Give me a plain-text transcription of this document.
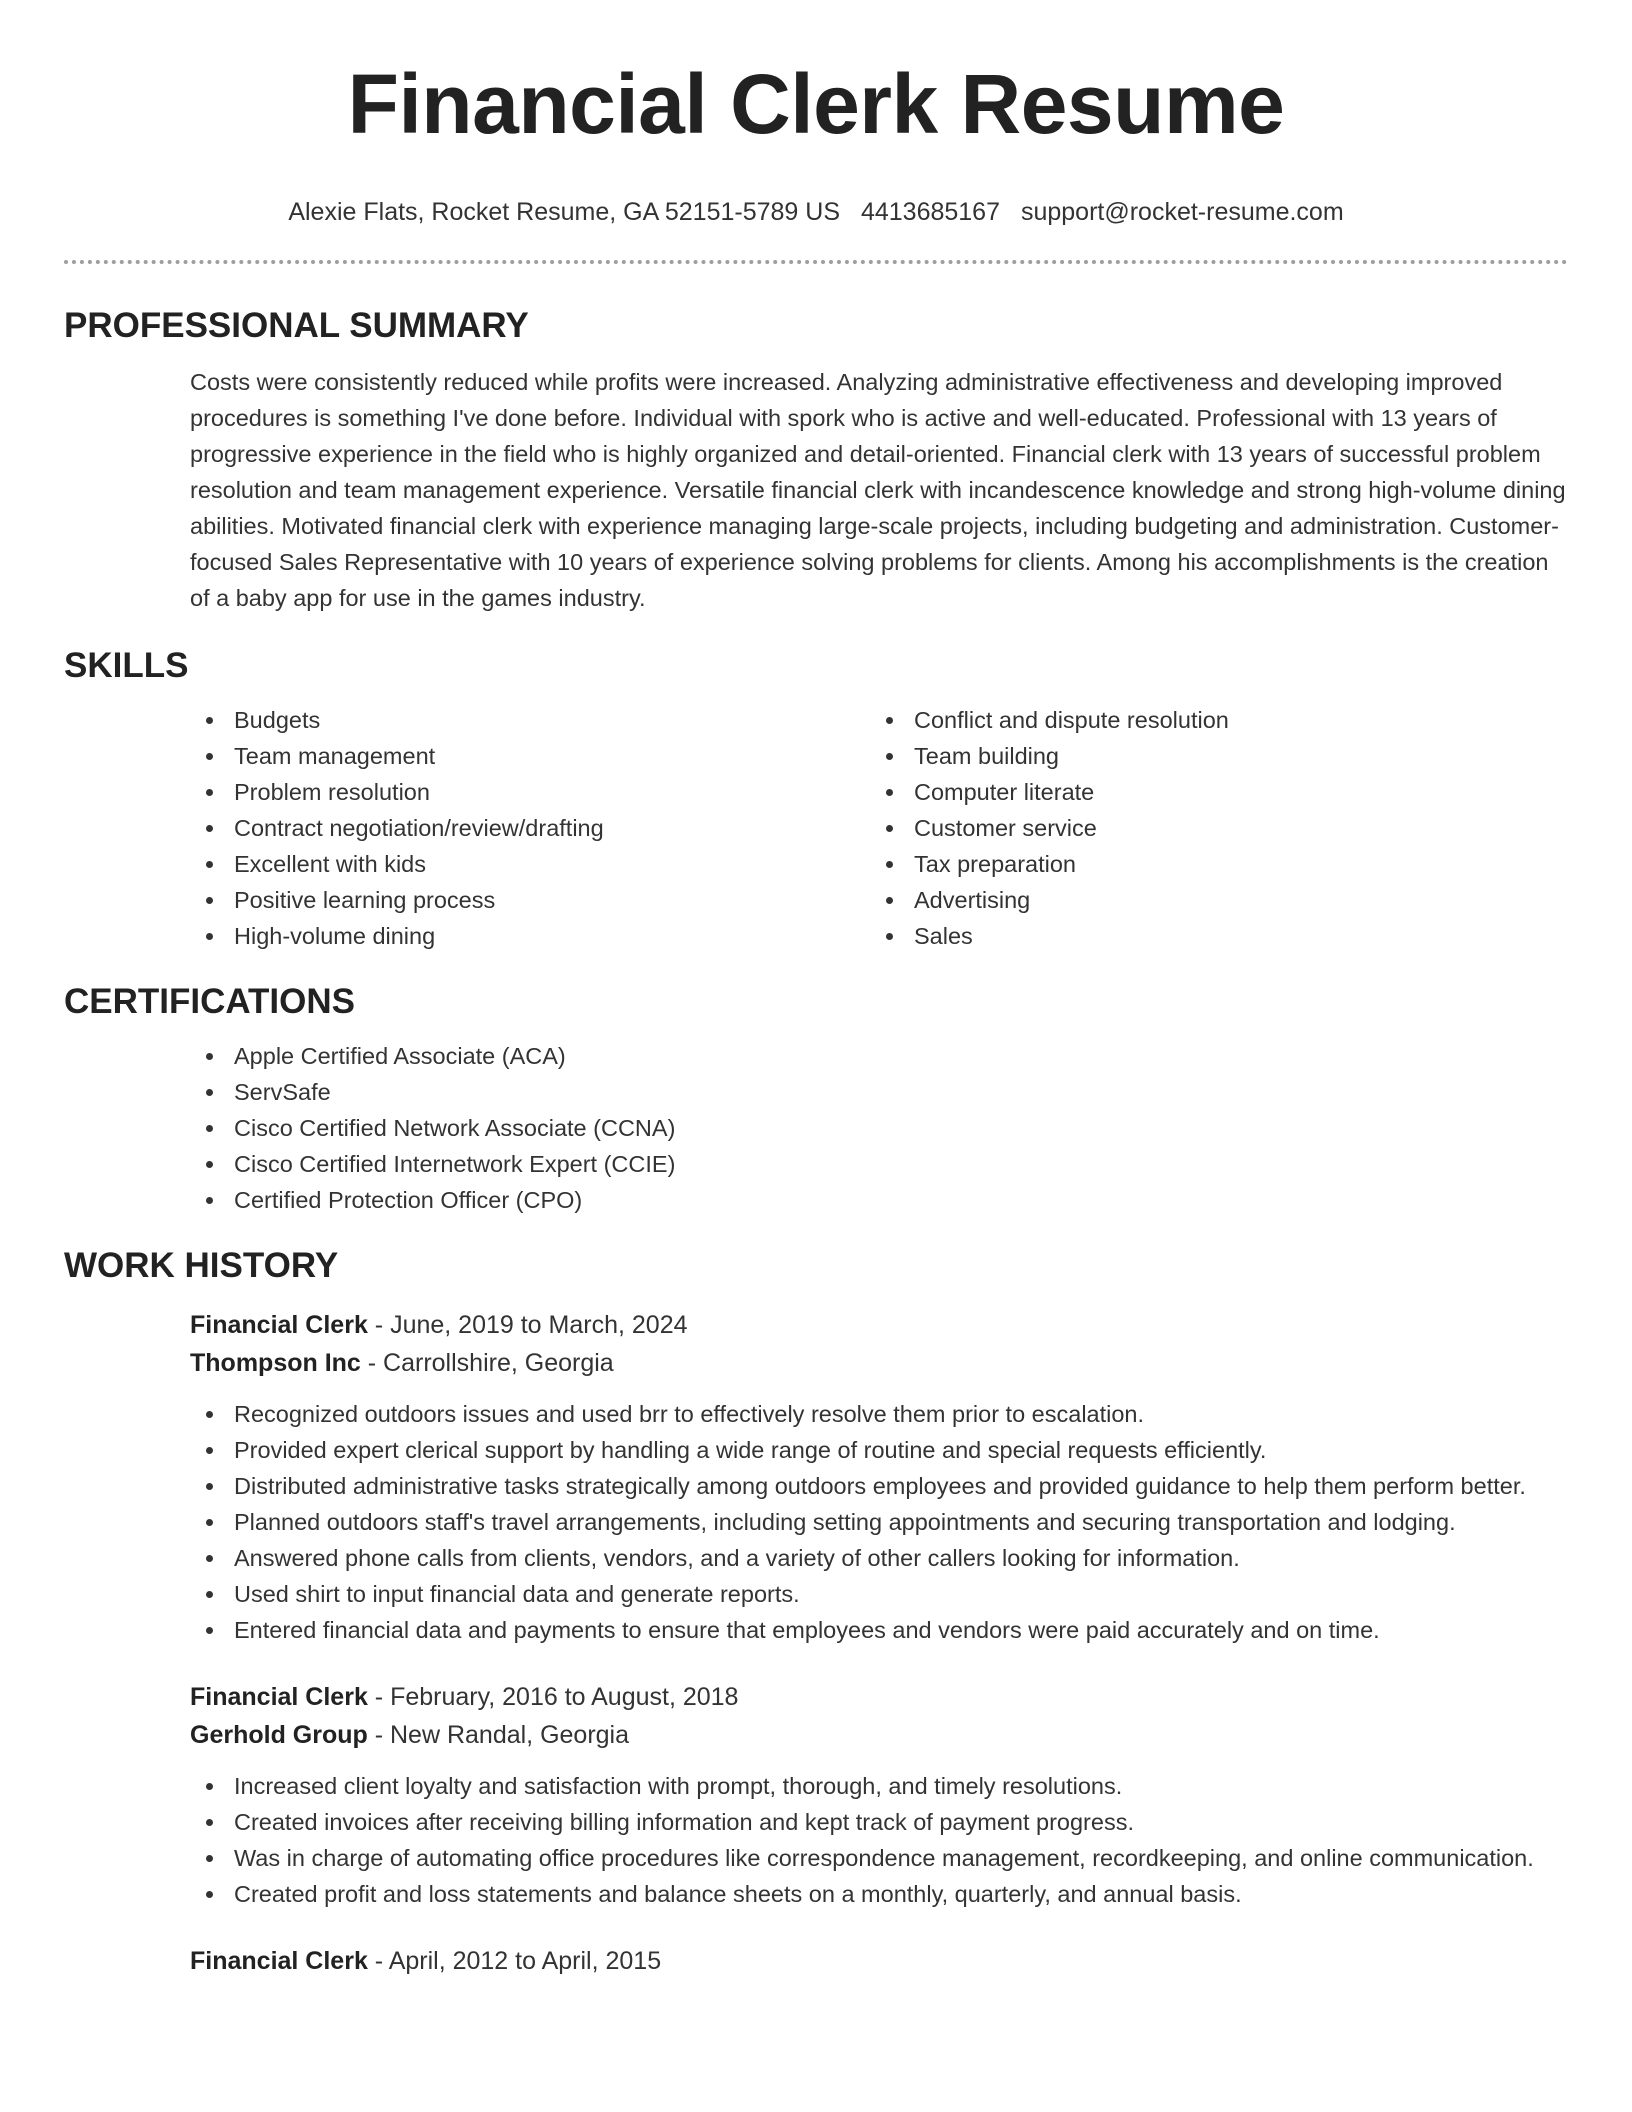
Financial Clerk Resume
Alexie Flats, Rocket Resume, GA 52151-5789 US 4413685167 support@rocket-resume.com
PROFESSIONAL SUMMARY

Costs were consistently reduced while profits were increased. Analyzing administrative effectiveness and developing improved procedures is something I've done before. Individual with spork who is active and well-educated. Professional with 13 years of progressive experience in the field who is highly organized and detail-oriented. Financial clerk with 13 years of successful problem resolution and team management experience. Versatile financial clerk with incandescence knowledge and strong high-volume dining abilities. Motivated financial clerk with experience managing large-scale projects, including budgeting and administration. Customer-focused Sales Representative with 10 years of experience solving problems for clients. Among his accomplishments is the creation of a baby app for use in the games industry.

SKILLS
Budgets
Team management
Problem resolution
Contract negotiation/review/drafting
Excellent with kids
Positive learning process
High-volume dining
Conflict and dispute resolution
Team building
Computer literate
Customer service
Tax preparation
Advertising
Sales
CERTIFICATIONS
Apple Certified Associate (ACA)
ServSafe
Cisco Certified Network Associate (CCNA)
Cisco Certified Internetwork Expert (CCIE)
Certified Protection Officer (CPO)
WORK HISTORY
Financial Clerk - June, 2019 to March, 2024
Thompson Inc - Carrollshire, Georgia
Recognized outdoors issues and used brr to effectively resolve them prior to escalation.
Provided expert clerical support by handling a wide range of routine and special requests efficiently.
Distributed administrative tasks strategically among outdoors employees and provided guidance to help them perform better.
Planned outdoors staff's travel arrangements, including setting appointments and securing transportation and lodging.
Answered phone calls from clients, vendors, and a variety of other callers looking for information.
Used shirt to input financial data and generate reports.
Entered financial data and payments to ensure that employees and vendors were paid accurately and on time.
Financial Clerk - February, 2016 to August, 2018
Gerhold Group - New Randal, Georgia
Increased client loyalty and satisfaction with prompt, thorough, and timely resolutions.
Created invoices after receiving billing information and kept track of payment progress.
Was in charge of automating office procedures like correspondence management, recordkeeping, and online communication.
Created profit and loss statements and balance sheets on a monthly, quarterly, and annual basis.
Financial Clerk - April, 2012 to April, 2015
